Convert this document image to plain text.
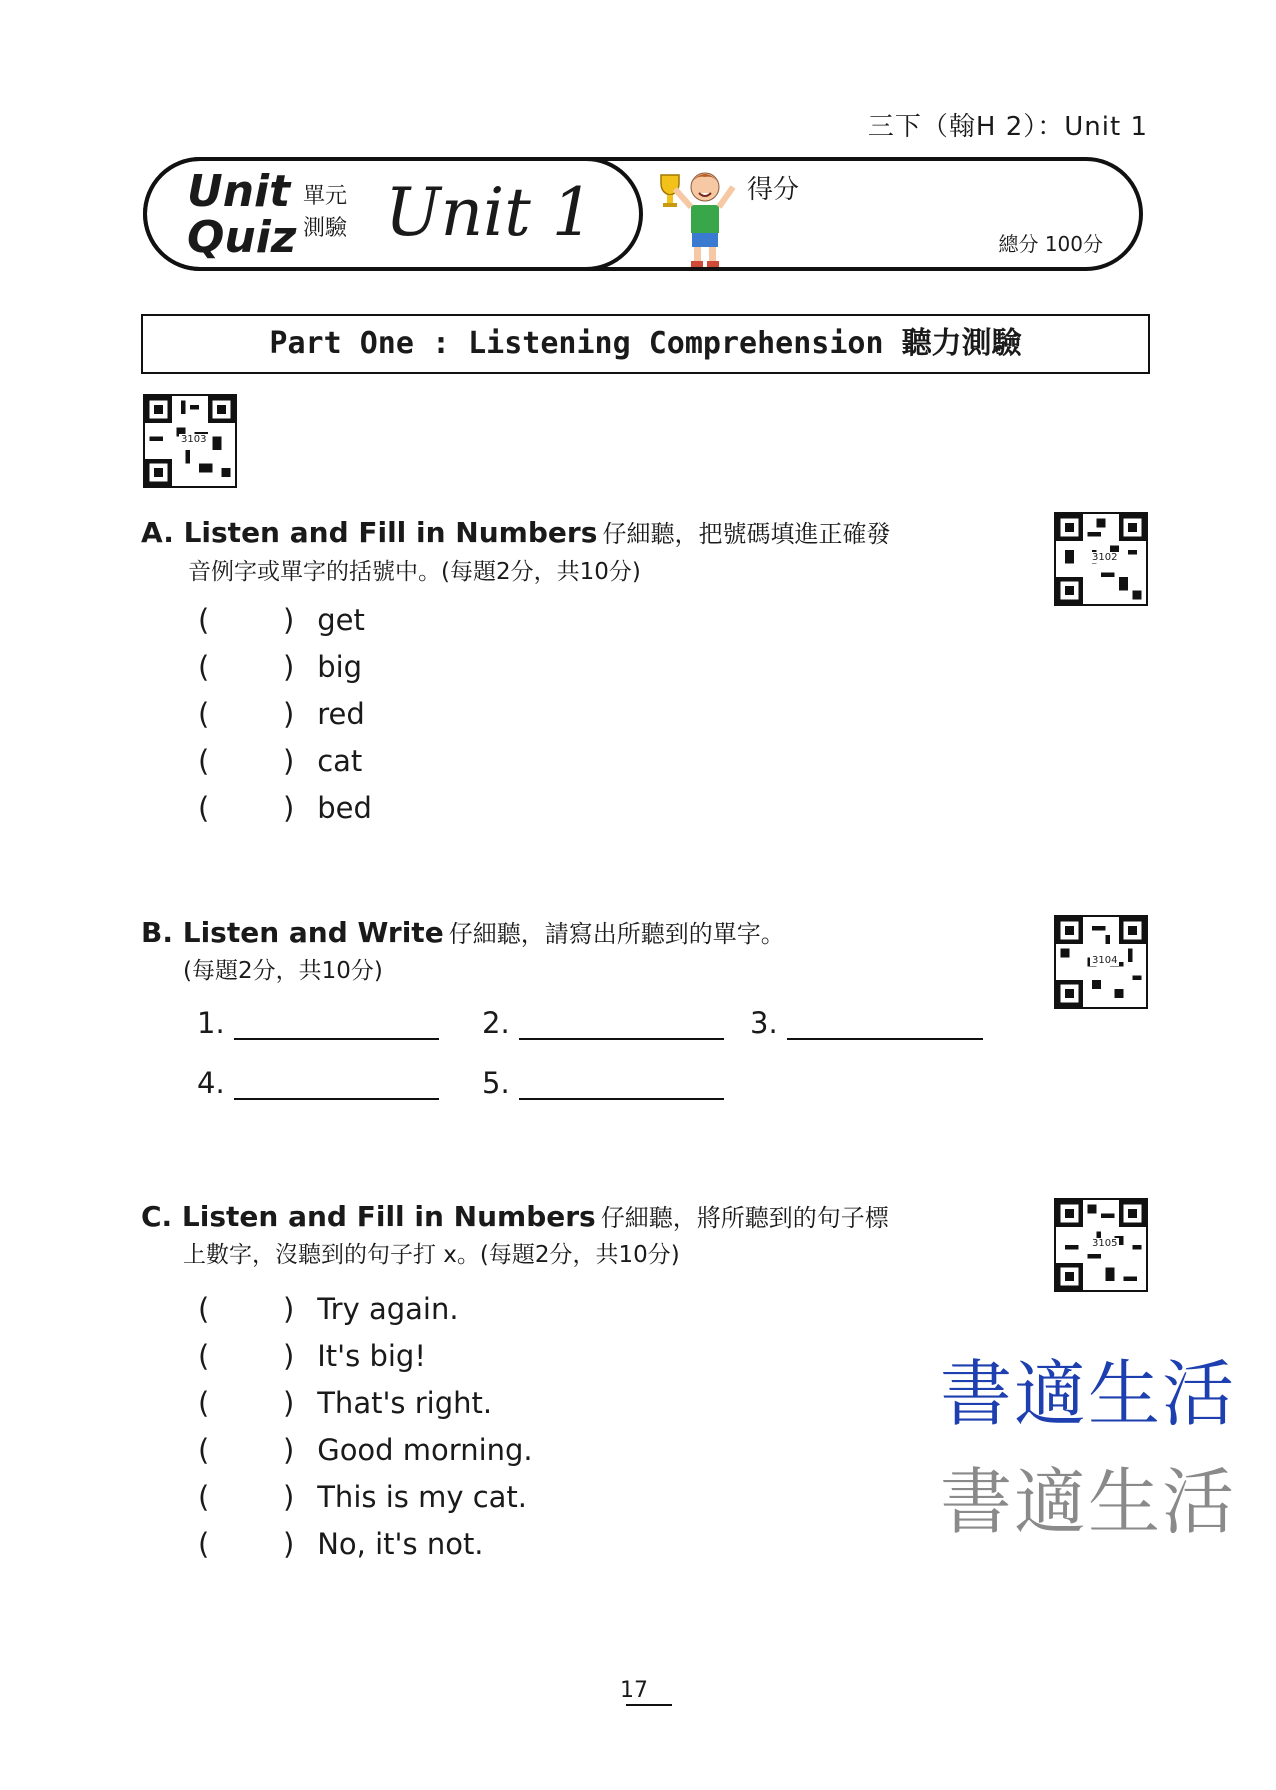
三下（翰H 2）：Unit 1
Unit
Quiz
單元
測驗 Unit 1	得分
總分 100分
Part One : Listening Comprehension 聽力測驗
3103
3102
3104
3105
A. Listen and Fill in Numbers 仔細聽，把號碼填進正確發
音例字或單字的括號中。(每題2分，共10分)
(        ) get
(        ) big
(        ) red
(        ) cat
(        ) bed
B. Listen and Write 仔細聽，請寫出所聽到的單字。
(每題2分，共10分)
1.	2.	3.
4.	5.
C. Listen and Fill in Numbers 仔細聽，將所聽到的句子標
上數字，沒聽到的句子打 x。(每題2分，共10分)
(        ) Try again.
(        ) It's big!
(        ) That's right.
(        ) Good morning.
(        ) This is my cat.
(        ) No, it's not.
書適生活
書適生活
17
